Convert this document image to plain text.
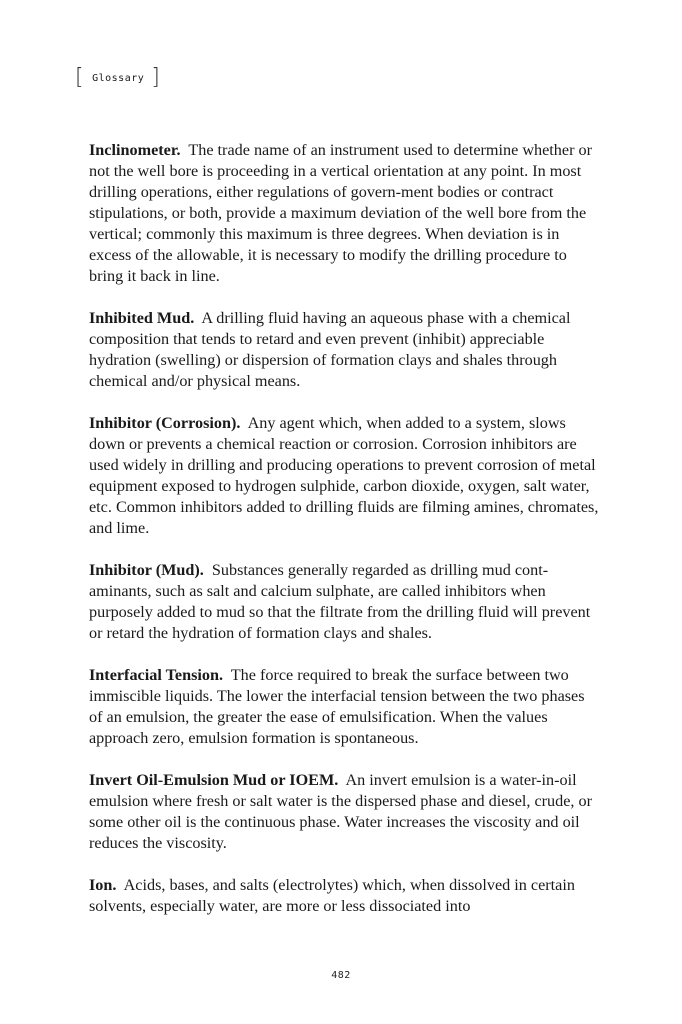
[ Glossary ]

Inclinometer. The trade name of an instrument used to determine whether or not the well bore is proceeding in a vertical orientation at any point. In most drilling operations, either regulations of govern-ment bodies or contract stipulations, or both, provide a maximum deviation of the well bore from the vertical; commonly this maximum is three degrees. When deviation is in excess of the allowable, it is necessary to modify the drilling procedure to bring it back in line.

Inhibited Mud. A drilling fluid having an aqueous phase with a chemical composition that tends to retard and even prevent (inhibit) appreciable hydration (swelling) or dispersion of formation clays and shales through chemical and/or physical means.

Inhibitor (Corrosion). Any agent which, when added to a system, slows down or prevents a chemical reaction or corrosion. Corrosion inhibitors are used widely in drilling and producing operations to prevent corrosion of metal equipment exposed to hydrogen sulphide, carbon dioxide, oxygen, salt water, etc. Common inhibitors added to drilling fluids are filming amines, chromates, and lime.

Inhibitor (Mud). Substances generally regarded as drilling mud cont-aminants, such as salt and calcium sulphate, are called inhibitors when purposely added to mud so that the filtrate from the drilling fluid will prevent or retard the hydration of formation clays and shales.

Interfacial Tension. The force required to break the surface between two immiscible liquids. The lower the interfacial tension between the two phases of an emulsion, the greater the ease of emulsification. When the values approach zero, emulsion formation is spontaneous.

Invert Oil-Emulsion Mud or IOEM. An invert emulsion is a water-in-oil emulsion where fresh or salt water is the dispersed phase and diesel, crude, or some other oil is the continuous phase. Water increases the viscosity and oil reduces the viscosity.

Ion. Acids, bases, and salts (electrolytes) which, when dissolved in certain solvents, especially water, are more or less dissociated into

482
